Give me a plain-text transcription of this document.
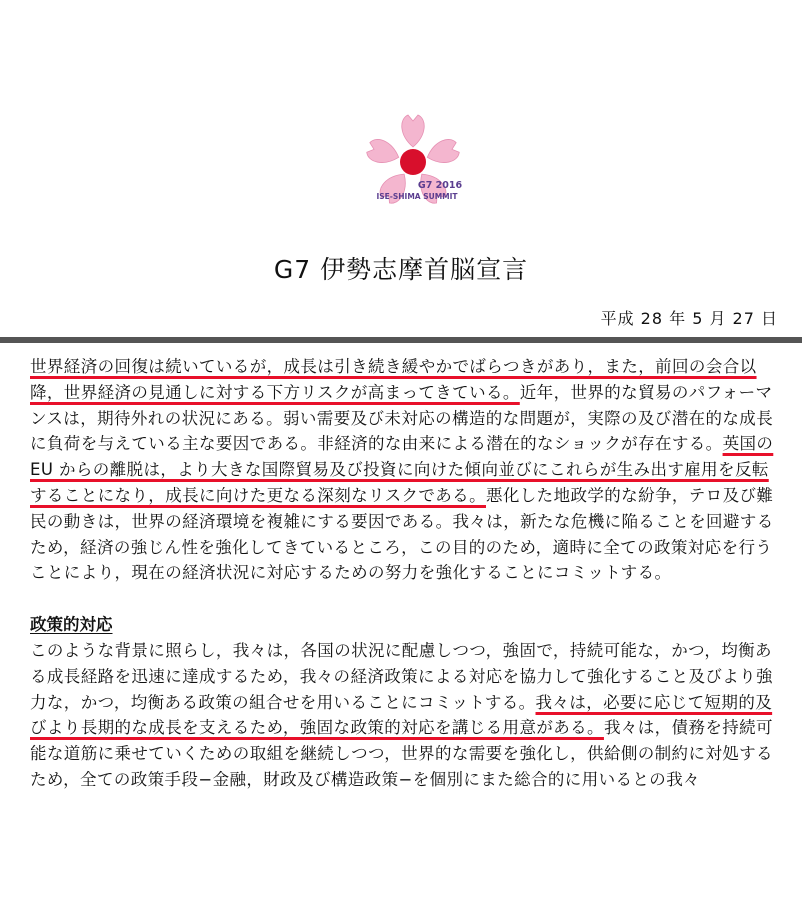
G7 2016
ISE-SHIMA SUMMIT
G7 伊勢志摩首脳宣言
平成 28 年 5 月 27 日

世界経済の回復は続いているが，成長は引き続き緩やかでばらつきがあり，また，前回の会合以降，世界経済の見通しに対する下方リスクが高まってきている。近年，世界的な貿易のパフォーマンスは，期待外れの状況にある。弱い需要及び未対応の構造的な問題が，実際の及び潜在的な成長に負荷を与えている主な要因である。非経済的な由来による潜在的なショックが存在する。英国の EU からの離脱は，より大きな国際貿易及び投資に向けた傾向並びにこれらが生み出す雇用を反転することになり，成長に向けた更なる深刻なリスクである。悪化した地政学的な紛争，テロ及び難民の動きは，世界の経済環境を複雑にする要因である。我々は，新たな危機に陥ることを回避するため，経済の強じん性を強化してきているところ，この目的のため，適時に全ての政策対応を行うことにより，現在の経済状況に対応するための努力を強化することにコミットする。

政策的対応

このような背景に照らし，我々は，各国の状況に配慮しつつ，強固で，持続可能な，かつ，均衡ある成長経路を迅速に達成するため，我々の経済政策による対応を協力して強化すること及びより強力な，かつ，均衡ある政策の組合せを用いることにコミットする。我々は，必要に応じて短期的及びより長期的な成長を支えるため，強固な政策的対応を講じる用意がある。我々は，債務を持続可能な道筋に乗せていくための取組を継続しつつ，世界的な需要を強化し，供給側の制約に対処するため，全ての政策手段−金融，財政及び構造政策−を個別にまた総合的に用いるとの我々
